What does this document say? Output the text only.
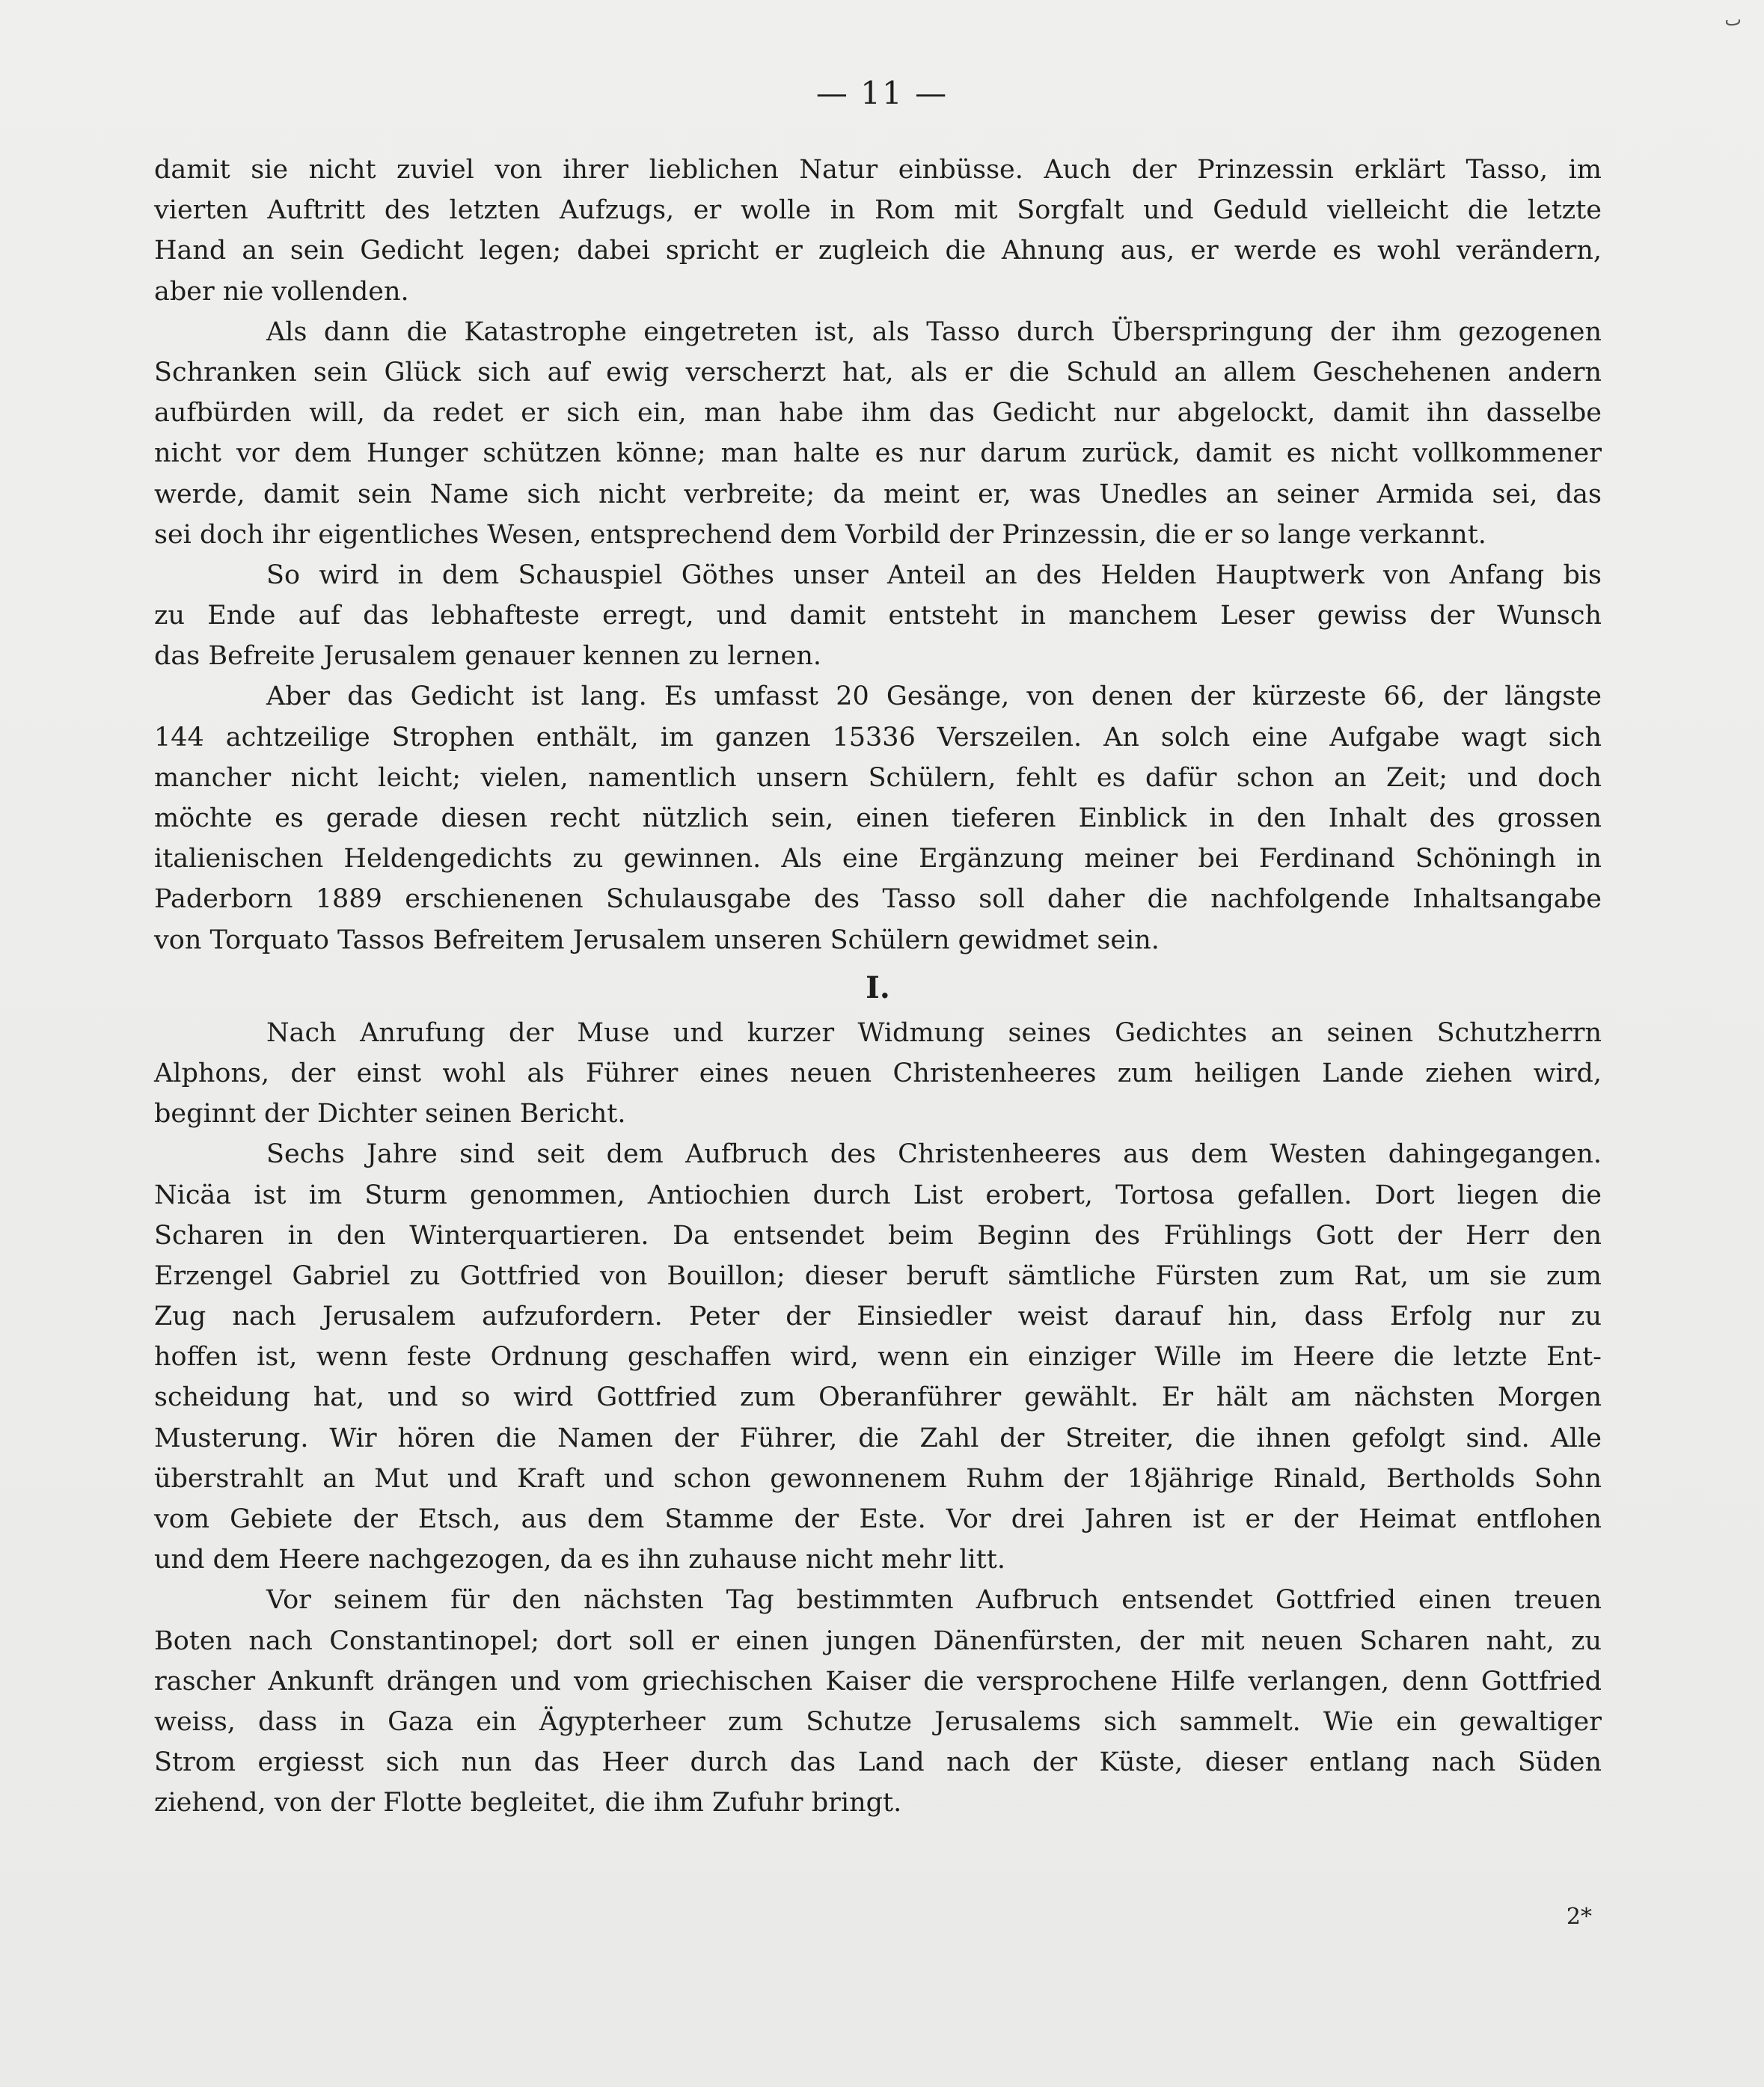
ٮ
— 11 —
damit sie nicht zuviel von ihrer lieblichen Natur einbüsse. Auch der Prinzessin erklärt Tasso, im
vierten Auftritt des letzten Aufzugs, er wolle in Rom mit Sorgfalt und Geduld vielleicht die letzte
Hand an sein Gedicht legen; dabei spricht er zugleich die Ahnung aus, er werde es wohl verändern,
aber nie vollenden.
Als dann die Katastrophe eingetreten ist, als Tasso durch Überspringung der ihm gezogenen
Schranken sein Glück sich auf ewig verscherzt hat, als er die Schuld an allem Geschehenen andern
aufbürden will, da redet er sich ein, man habe ihm das Gedicht nur abgelockt, damit ihn dasselbe
nicht vor dem Hunger schützen könne; man halte es nur darum zurück, damit es nicht vollkommener
werde, damit sein Name sich nicht verbreite; da meint er, was Unedles an seiner Armida sei, das
sei doch ihr eigentliches Wesen, entsprechend dem Vorbild der Prinzessin, die er so lange verkannt.
So wird in dem Schauspiel Göthes unser Anteil an des Helden Hauptwerk von Anfang bis
zu Ende auf das lebhafteste erregt, und damit entsteht in manchem Leser gewiss der Wunsch
das Befreite Jerusalem genauer kennen zu lernen.
Aber das Gedicht ist lang. Es umfasst 20 Gesänge, von denen der kürzeste 66, der längste
144 achtzeilige Strophen enthält, im ganzen 15336 Verszeilen. An solch eine Aufgabe wagt sich
mancher nicht leicht; vielen, namentlich unsern Schülern, fehlt es dafür schon an Zeit; und doch
möchte es gerade diesen recht nützlich sein, einen tieferen Einblick in den Inhalt des grossen
italienischen Heldengedichts zu gewinnen. Als eine Ergänzung meiner bei Ferdinand Schöningh in
Paderborn 1889 erschienenen Schulausgabe des Tasso soll daher die nachfolgende Inhaltsangabe
von Torquato Tassos Befreitem Jerusalem unseren Schülern gewidmet sein.
I.
Nach Anrufung der Muse und kurzer Widmung seines Gedichtes an seinen Schutzherrn
Alphons, der einst wohl als Führer eines neuen Christenheeres zum heiligen Lande ziehen wird,
beginnt der Dichter seinen Bericht.
Sechs Jahre sind seit dem Aufbruch des Christenheeres aus dem Westen dahingegangen.
Nicäa ist im Sturm genommen, Antiochien durch List erobert, Tortosa gefallen. Dort liegen die
Scharen in den Winterquartieren. Da entsendet beim Beginn des Frühlings Gott der Herr den
Erzengel Gabriel zu Gottfried von Bouillon; dieser beruft sämtliche Fürsten zum Rat, um sie zum
Zug nach Jerusalem aufzufordern. Peter der Einsiedler weist darauf hin, dass Erfolg nur zu
hoffen ist, wenn feste Ordnung geschaffen wird, wenn ein einziger Wille im Heere die letzte Ent-
scheidung hat, und so wird Gottfried zum Oberanführer gewählt. Er hält am nächsten Morgen
Musterung. Wir hören die Namen der Führer, die Zahl der Streiter, die ihnen gefolgt sind. Alle
überstrahlt an Mut und Kraft und schon gewonnenem Ruhm der 18jährige Rinald, Bertholds Sohn
vom Gebiete der Etsch, aus dem Stamme der Este. Vor drei Jahren ist er der Heimat entflohen
und dem Heere nachgezogen, da es ihn zuhause nicht mehr litt.
Vor seinem für den nächsten Tag bestimmten Aufbruch entsendet Gottfried einen treuen
Boten nach Constantinopel; dort soll er einen jungen Dänenfürsten, der mit neuen Scharen naht, zu
rascher Ankunft drängen und vom griechischen Kaiser die versprochene Hilfe verlangen, denn Gottfried
weiss, dass in Gaza ein Ägypterheer zum Schutze Jerusalems sich sammelt. Wie ein gewaltiger
Strom ergiesst sich nun das Heer durch das Land nach der Küste, dieser entlang nach Süden
ziehend, von der Flotte begleitet, die ihm Zufuhr bringt.
2*
